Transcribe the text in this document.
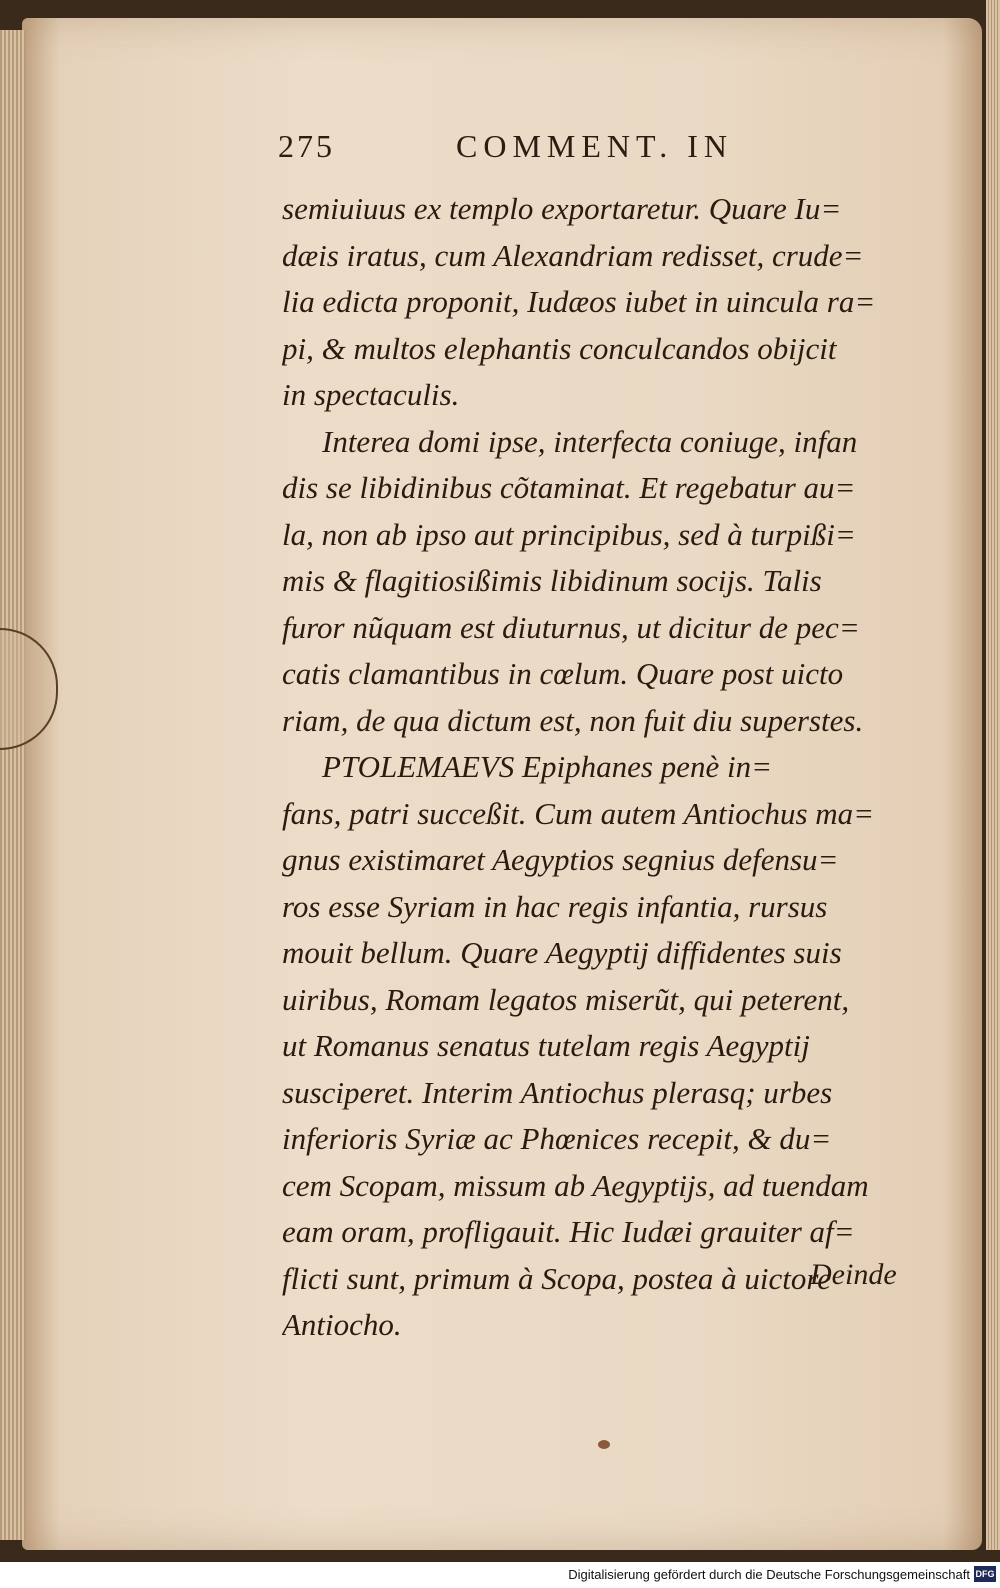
275	COMMENT. IN
semiuiuus ex templo exportaretur. Quare Iu=
dæis iratus, cum Alexandriam redisset, crude=
lia edicta proponit, Iudæos iubet in uincula ra=
pi, & multos elephantis conculcandos obijcit
in spectaculis.
Interea domi ipse, interfecta coniuge, infan
dis se libidinibus cõtaminat. Et regebatur au=
la, non ab ipso aut principibus, sed à turpißi=
mis & flagitiosißimis libidinum socijs. Talis
furor nũquam est diuturnus, ut dicitur de pec=
catis clamantibus in cœlum. Quare post uicto
riam, de qua dictum est, non fuit diu superstes.
PTOLEMAEVS Epiphanes penè in=
fans, patri succeßit. Cum autem Antiochus ma=
gnus existimaret Aegyptios segnius defensu=
ros esse Syriam in hac regis infantia, rursus
mouit bellum. Quare Aegyptij diffidentes suis
uiribus, Romam legatos miserũt, qui peterent,
ut Romanus senatus tutelam regis Aegyptij
susciperet. Interim Antiochus plerasq; urbes
inferioris Syriæ ac Phœnices recepit, & du=
cem Scopam, missum ab Aegyptijs, ad tuendam
eam oram, profligauit. Hic Iudæi grauiter af=
flicti sunt, primum à Scopa, postea à uictore
Antiocho.
Deinde
Digitalisierung gefördert durch die Deutsche Forschungsgemeinschaft DFG
